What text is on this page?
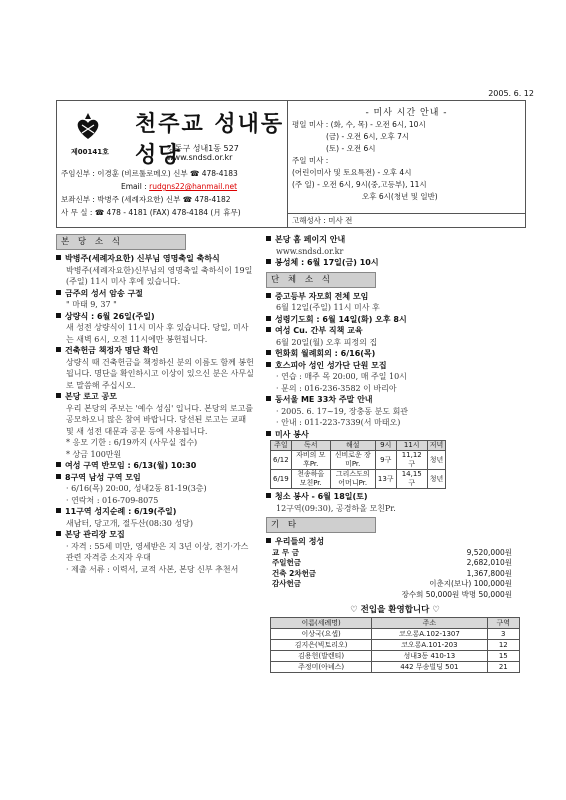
2005. 6. 12
제00141호
천주교 성내동 성당
강동구 성내1동 527
www.sndsd.or.kr
주임신부 : 이경훈 (비르툴로메오) 신부 ☎ 478-4183
Email : rudgns22@hanmail.net
보좌신부 : 박병주 (세례자요한) 신부 ☎ 478-4182
사 무 실 : ☎ 478 - 4181 (FAX) 478-4184 (月 휴무)
- 미사 시간 안내 -
평일 미사 : (화, 수, 목) - 오전 6시, 10시
(금) - 오전 6시, 오후 7시
(토) - 오전 6시
주일 미사 :
(어린이미사 및 토요특전) - 오후 4시
(주 일) - 오전 6시, 9시(중,고등부), 11시
오후 6시(청년 및 일반)
고해성사 : 미사 전
본 당 소 식
박병주(세례자요한) 신부님 영명축일 축하식
박병주(세례자요한)신부님의 영명축일 축하식이 19일(주일) 11시 미사 후에 있습니다.
금주의 성서 암송 구절
" 마태 9, 37 "
상량식 : 6월 26일(주일)
새 성전 상량식이 11시 미사 후 있습니다. 당일, 미사는 새벽 6시, 오전 11시에만 봉헌됩니다.
건축헌금 책정자 명단 확인
상량식 때 건축헌금을 책정하신 분의 이름도 함께 봉헌됩니다. 명단을 확인하시고 이상이 있으신 분은 사무실로 말씀해 주십시오.
본당 로고 공모
우리 본당의 주보는 '예수 성심' 입니다. 본당의 로고를 공모하오니 많은 참여 바랍니다. 당선된 로고는 교패 및 새 성전 대문과 공문 등에 사용됩니다.
* 응모 기한 : 6/19까지 (사무실 접수)
* 상금 100만원
여성 구역 반모임 : 6/13(월) 10:30
8구역 남성 구역 모임
· 6/16(목) 20:00, 성내2동 81-19(3층)
· 연락처 : 016-709-8075
11구역 성지순례 : 6/19(주일)
새남터, 당고개, 절두산(08:30 성당)
본당 관리장 모집
· 자격 : 55세 미만, 영세받은 지 3년 이상, 전기·가스 관련 자격증 소지자 우대
· 제출 서류 : 이력서, 교적 사본, 본당 신부 추천서
본당 홈 페이지 안내
www.sndsd.or.kr
봉성체 : 6월 17일(금) 10시
단 체 소 식
중고등부 자모회 전체 모임
6월 12일(주일) 11시 미사 후
성령기도회 : 6월 14일(화) 오후 8시
여성 Cu. 간부 직책 교육
6월 20일(월) 오후 피정의 집
헌화회 월례회의 : 6/16(목)
호스피아 성인 성가단 단원 모집
· 연습 : 매주 목 20:00, 매 주일 10시
· 문의 : 016-236-3582 이 바리아
동서울 ME 33차 주말 안내
· 2005. 6. 17~19, 장충동 분도 회관
· 안내 : 011-223-7339(서 마태오)
미사 봉사
주일	독서	해설	9시	11시	저녁
6/12	자비의 모후Pr.	신비로운 장미Pr.	9구	11,12구	청년
6/19	천송하올 모친Pr.	그리스도의 어머니Pr.	13구	14,15구	청년
청소 봉사 - 6월 18일(토)
12구역(09:30), 공경하올 모친Pr.
기 타
우리들의 정성
교 무 금	9,520,000원
주일헌금	2,682,010원
건축 2차헌금	1,367,800원
감사헌금	이춘지(보나) 100,000원
장수희 50,000원 박명 50,000원
♡ 전입을 환영합니다 ♡
이름(세례명)	주소	구역
이상국(요셉)	코오롱A.102-1307	3
김지은(빅토리오)	코오롱A.101-203	12
김용헌(발렌티)	성내3동 410-13	15
주정미(아녜스)	442 무송빌딩 501	21
